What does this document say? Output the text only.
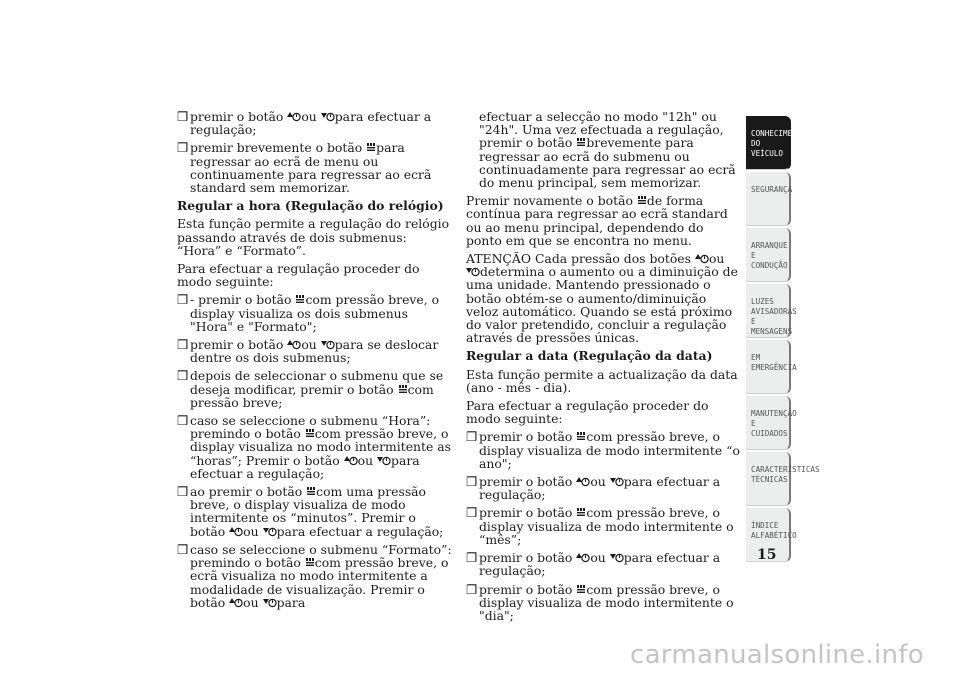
❒ premir o botão ou para efectuar a regulação;
❒ premir brevemente o botão para regressar ao ecrã de menu ou continuamente para regressar ao ecrã standard sem memorizar.
Regular a hora (Regulação do relógio)
Esta função permite a regulação do relógio passando através de dois submenus: “Hora” e “Formato”.
Para efectuar a regulação proceder do modo seguinte:
❒ - premir o botão com pressão breve, o display visualiza os dois submenus "Hora" e "Formato";
❒ premir o botão ou para se deslocar dentre os dois submenus;
❒ depois de seleccionar o submenu que se deseja modificar, premir o botão com pressão breve;
❒ caso se seleccione o submenu “Hora”: premindo o botão com pressão breve, o display visualiza no modo intermitente as “horas”; Premir o botão ou para efectuar a regulação;
❒ ao premir o botão com uma pressão breve, o display visualiza de modo intermitente os “minutos”. Premir o botão ou para efectuar a regulação;
❒ caso se seleccione o submenu “Formato”: premindo o botão com pressão breve, o ecrã visualiza no modo intermitente a modalidade de visualização. Premir o botão ou para
efectuar a selecção no modo "12h" ou "24h". Uma vez efectuada a regulação, premir o botão brevemente para regressar ao ecrã do submenu ou continuadamente para regressar ao ecrã do menu principal, sem memorizar.
Premir novamente o botão de forma contínua para regressar ao ecrã standard ou ao menu principal, dependendo do ponto em que se encontra no menu.
ATENÇÃO Cada pressão dos botões ou
determina o aumento ou a diminuição de uma unidade. Mantendo pressionado o botão obtém-se o aumento/diminuição veloz automático. Quando se está próximo do valor pretendido, concluir a regulação através de pressões únicas.
Regular a data (Regulação da data)
Esta função permite a actualização da data (ano - mês - dia).
Para efectuar a regulação proceder do modo seguinte:
❒ premir o botão com pressão breve, o display visualiza de modo intermitente “o ano";
❒ premir o botão ou para efectuar a regulação;
❒ premir o botão com pressão breve, o display visualiza de modo intermitente o “mês”;
❒ premir o botão ou para efectuar a regulação;
❒ premir o botão com pressão breve, o display visualiza de modo intermitente o "dia";
CONHECIMENTO DO VEÍCULO
SEGURANÇA
ARRANQUE E CONDUÇÃO
LUZES AVISADORAS E MENSAGENS
EM EMERGÊNCIA
MANUTENÇÃO E CUIDADOS
CARACTERÍSTICAS TÉCNICAS
ÍNDICE ALFABÉTICO
15
carmanualsonline.info
